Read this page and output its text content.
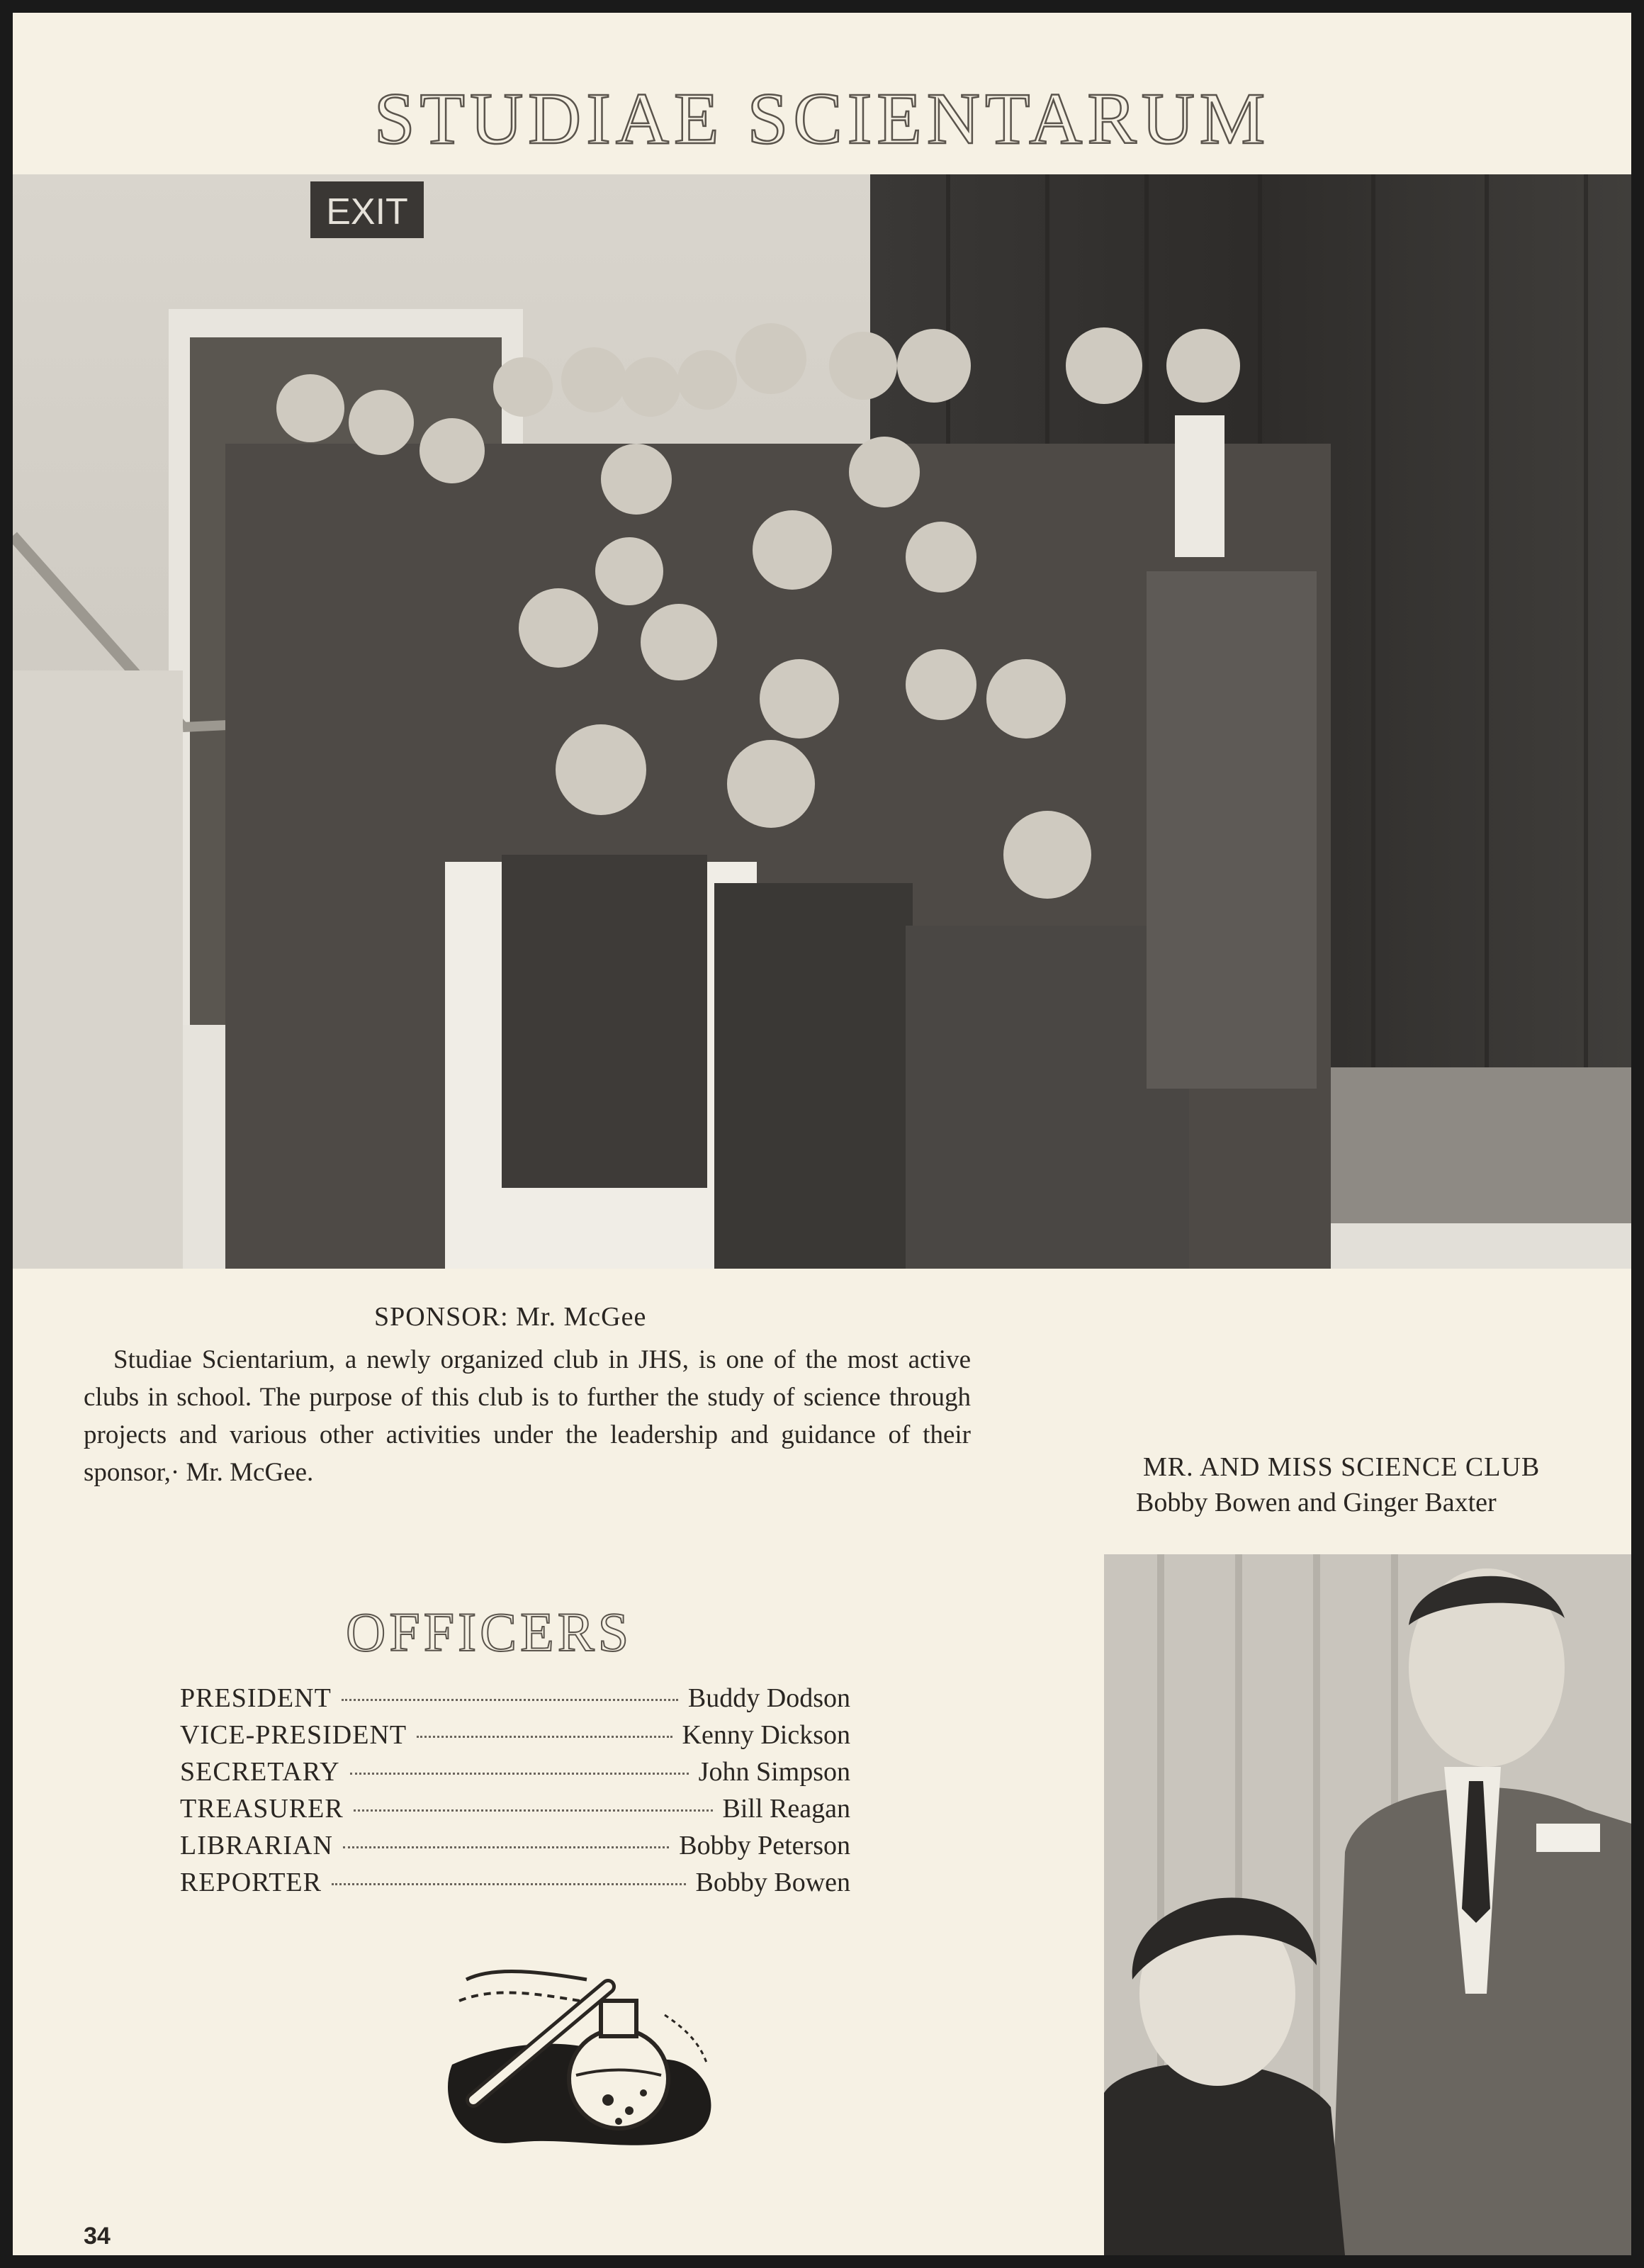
STUDIAE SCIENTARUM
EXIT
SPONSOR: Mr. McGee
Studiae Scientarium, a newly organized club in JHS, is one of the most active clubs in school. The purpose of this club is to further the study of science through projects and various other activities under the leadership and guidance of their sponsor,· Mr. McGee.	MR. AND MISS SCIENCE CLUB
Bobby Bowen and Ginger Baxter
OFFICERS
PRESIDENT	Buddy Dodson
VICE-PRESIDENT	Kenny Dickson
SECRETARY	John Simpson
TREASURER	Bill Reagan
LIBRARIAN	Bobby Peterson
REPORTER	Bobby Bowen
34
